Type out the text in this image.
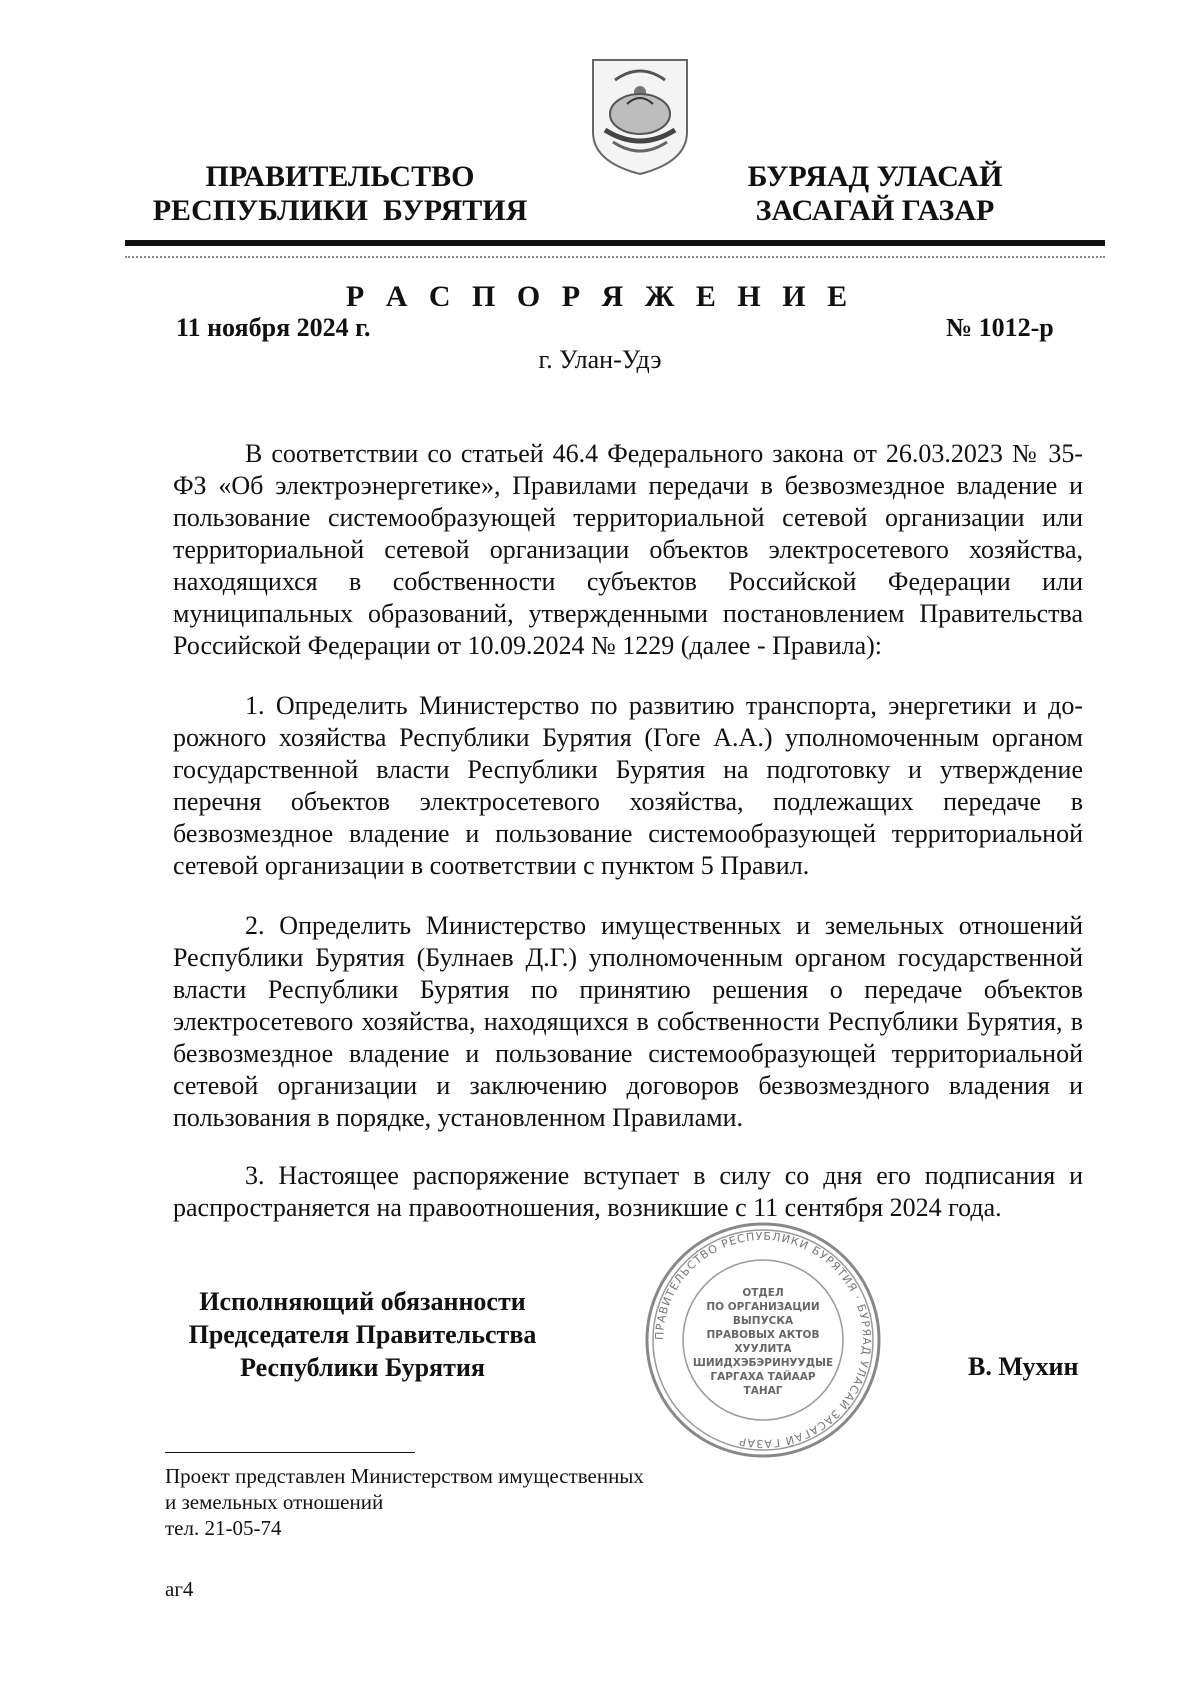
ПРАВИТЕЛЬСТВО
РЕСПУБЛИКИ  БУРЯТИЯ
БУРЯАД УЛАСАЙ
ЗАСАГАЙ ГАЗАР
Р А С П О Р Я Ж Е Н И Е
11 ноября 2024 г.	№ 1012-р
г. Улан-Удэ
В соответствии со статьей 46.4 Федерального закона от 26.03.2023 № 35-ФЗ «Об электроэнергетике», Правилами передачи в безвозмездное владение и пользование системообразующей территориальной сетевой организации или территориальной сетевой организации объектов электросетевого хозяйства, находящихся в собственности субъектов Российской Федерации или муниципальных образований, утвержденными постановлением Правительства Российской Федерации от 10.09.2024 № 1229 (далее - Правила):
1. Определить Министерство по развитию транспорта, энергетики и дорожного хозяйства Республики Бурятия (Гоге А.А.) уполномоченным органом государственной власти Республики Бурятия на подготовку и утверждение перечня объектов электросетевого хозяйства, подлежащих передаче в безвозмездное владение и пользование системообразующей территориальной сетевой организации в соответствии с пунктом 5 Правил.
2. Определить Министерство имущественных и земельных отношений Республики Бурятия (Булнаев Д.Г.) уполномоченным органом государственной власти Республики Бурятия по принятию решения о передаче объектов электросетевого хозяйства, находящихся в собственности Республики Бурятия, в безвозмездное владение и пользование системообразующей территориальной сетевой организации и заключению договоров безвозмездного владения и пользования в порядке, установленном Правилами.
3. Настоящее распоряжение вступает в силу со дня его подписания и распространяется на правоотношения, возникшие с 11 сентября 2024 года.
ПРАВИТЕЛЬСТВО РЕСПУБЛИКИ БУРЯТИЯ · БУРЯАД УЛАСАЙ ЗАСАГАЙ ГАЗАР
ОТДЕЛ
ПО ОРГАНИЗАЦИИ
ВЫПУСКА
ПРАВОВЫХ АКТОВ
ХУУЛИТА
ШИИДХЭБЭРИНУУДЫЕ
ГАРГАХА ТАЙААР
ТАНАГ
Исполняющий обязанности
Председателя Правительства
Республики Бурятия	В. Мухин
Проект представлен Министерством имущественных
и земельных отношений
тел. 21-05-74
аг4
